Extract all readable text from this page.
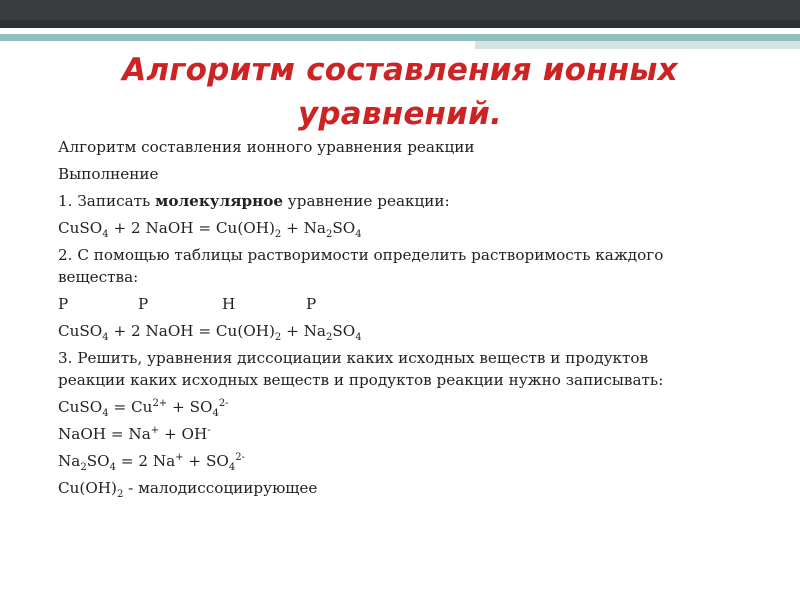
Алгоритм составления ионных уравнений.

Алгоритм составления ионного уравнения реакции

Выполнение

1. Записать молекулярное уравнение реакции:

CuSO$_4$ + 2 NaOH = $Cu(OH)_2 + Na_2SO_4$

2. С помощью таблицы растворимости определить растворимость каждого вещества:

Р	Р	Н	Р

CuSO$_4$ + 2 NaOH = $Cu(OH)_2 + Na_2SO_4$

3. Решить, уравнения диссоциации каких исходных веществ и продуктов реакции каких исходных веществ и продуктов реакции нужно записывать:

CuSO$_4$ = $Cu^{2+} + SO_4^{2-}$

NaOH = Na+ + OH-

$Na_2SO_4 = 2$ $Na^+ + SO_4^{2-}$

$Cu(OH)_2$ - малодиссоциирующее
